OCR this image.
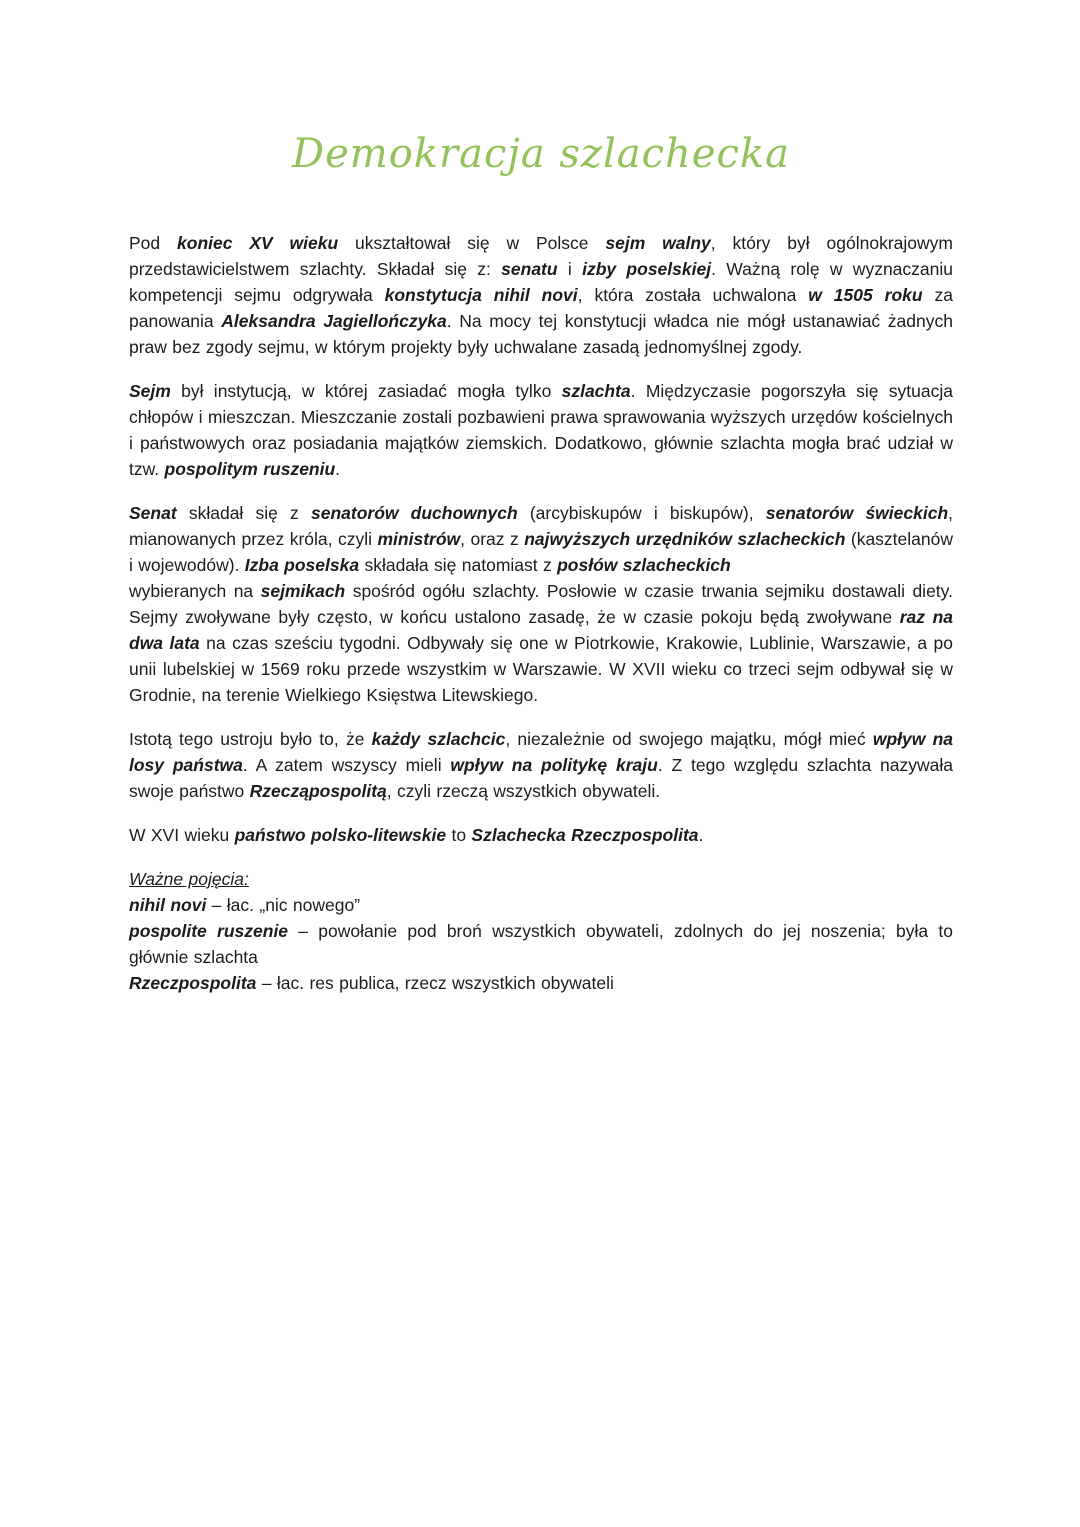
Demokracja szlachecka
Pod koniec XV wieku ukształtował się w Polsce sejm walny, który był ogólnokrajowym przedstawicielstwem szlachty. Składał się z: senatu i izby poselskiej. Ważną rolę w wyznaczaniu kompetencji sejmu odgrywała konstytucja nihil novi, która została uchwalona w 1505 roku za panowania Aleksandra Jagiellończyka. Na mocy tej konstytucji władca nie mógł ustanawiać żadnych praw bez zgody sejmu, w którym projekty były uchwalane zasadą jednomyślnej zgody.
Sejm był instytucją, w której zasiadać mogła tylko szlachta. Międzyczasie pogorszyła się sytuacja chłopów i mieszczan. Mieszczanie zostali pozbawieni prawa sprawowania wyższych urzędów kościelnych i państwowych oraz posiadania majątków ziemskich. Dodatkowo, głównie szlachta mogła brać udział w tzw. pospolitym ruszeniu.
Senat składał się z senatorów duchownych (arcybiskupów i biskupów), senatorów świeckich, mianowanych przez króla, czyli ministrów, oraz z najwyższych urzędników szlacheckich (kasztelanów i wojewodów). Izba poselska składała się natomiast z posłów szlacheckich
wybieranych na sejmikach spośród ogółu szlachty. Posłowie w czasie trwania sejmiku dostawali diety. Sejmy zwoływane były często, w końcu ustalono zasadę, że w czasie pokoju będą zwoływane raz na dwa lata na czas sześciu tygodni. Odbywały się one w Piotrkowie, Krakowie, Lublinie, Warszawie, a po unii lubelskiej w 1569 roku przede wszystkim w Warszawie. W XVII wieku co trzeci sejm odbywał się w Grodnie, na terenie Wielkiego Księstwa Litewskiego.
Istotą tego ustroju było to, że każdy szlachcic, niezależnie od swojego majątku, mógł mieć wpływ na losy państwa. A zatem wszyscy mieli wpływ na politykę kraju. Z tego względu szlachta nazywała swoje państwo Rzecząpospolitą, czyli rzeczą wszystkich obywateli.
W XVI wieku państwo polsko-litewskie to Szlachecka Rzeczpospolita.
Ważne pojęcia:
nihil novi – łac. „nic nowego”
pospolite ruszenie – powołanie pod broń wszystkich obywateli, zdolnych do jej noszenia; była to głównie szlachta
Rzeczpospolita – łac. res publica, rzecz wszystkich obywateli
